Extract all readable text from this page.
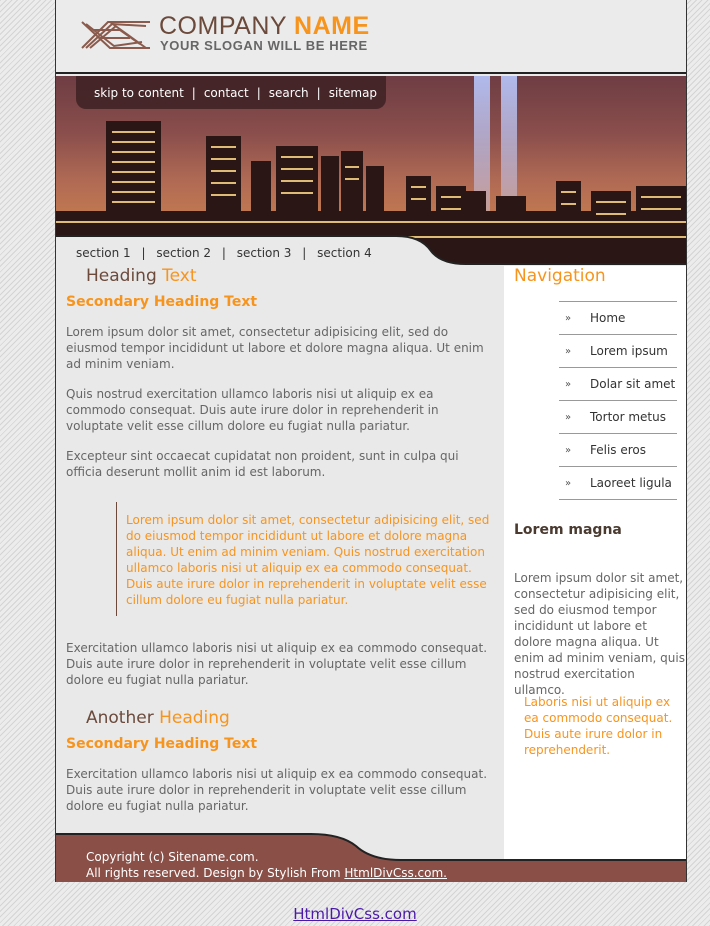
COMPANY NAME
YOUR SLOGAN WILL BE HERE
skip to content | contact | search | sitemap
section 1 | section 2 | section 3 | section 4
Heading Text
Secondary Heading Text

Lorem ipsum dolor sit amet, consectetur adipisicing elit, sed do eiusmod tempor incididunt ut labore et dolore magna aliqua. Ut enim ad minim veniam.

Quis nostrud exercitation ullamco laboris nisi ut aliquip ex ea commodo consequat. Duis aute irure dolor in reprehenderit in voluptate velit esse cillum dolore eu fugiat nulla pariatur.

Excepteur sint occaecat cupidatat non proident, sunt in culpa qui officia deserunt mollit anim id est laborum.

Lorem ipsum dolor sit amet, consectetur adipisicing elit, sed do eiusmod tempor incididunt ut labore et dolore magna aliqua. Ut enim ad minim veniam. Quis nostrud exercitation ullamco laboris nisi ut aliquip ex ea commodo consequat. Duis aute irure dolor in reprehenderit in voluptate velit esse cillum dolore eu fugiat nulla pariatur.

Exercitation ullamco laboris nisi ut aliquip ex ea commodo consequat. Duis aute irure dolor in reprehenderit in voluptate velit esse cillum dolore eu fugiat nulla pariatur.

Another Heading
Secondary Heading Text

Exercitation ullamco laboris nisi ut aliquip ex ea commodo consequat. Duis aute irure dolor in reprehenderit in voluptate velit esse cillum dolore eu fugiat nulla pariatur.

Navigation
»	Home
»	Lorem ipsum
»	Dolar sit amet
»	Tortor metus
»	Felis eros
»	Laoreet ligula
Lorem magna
Lorem ipsum dolor sit amet, consectetur adipisicing elit, sed do eiusmod tempor incididunt ut labore et dolore magna aliqua. Ut enim ad minim veniam, quis nostrud exercitation ullamco.
Laboris nisi ut aliquip ex ea commodo consequat. Duis aute irure dolor in reprehenderit.
Copyright (c) Sitename.com.
All rights reserved. Design by Stylish From HtmlDivCss.com.
HtmlDivCss.com
